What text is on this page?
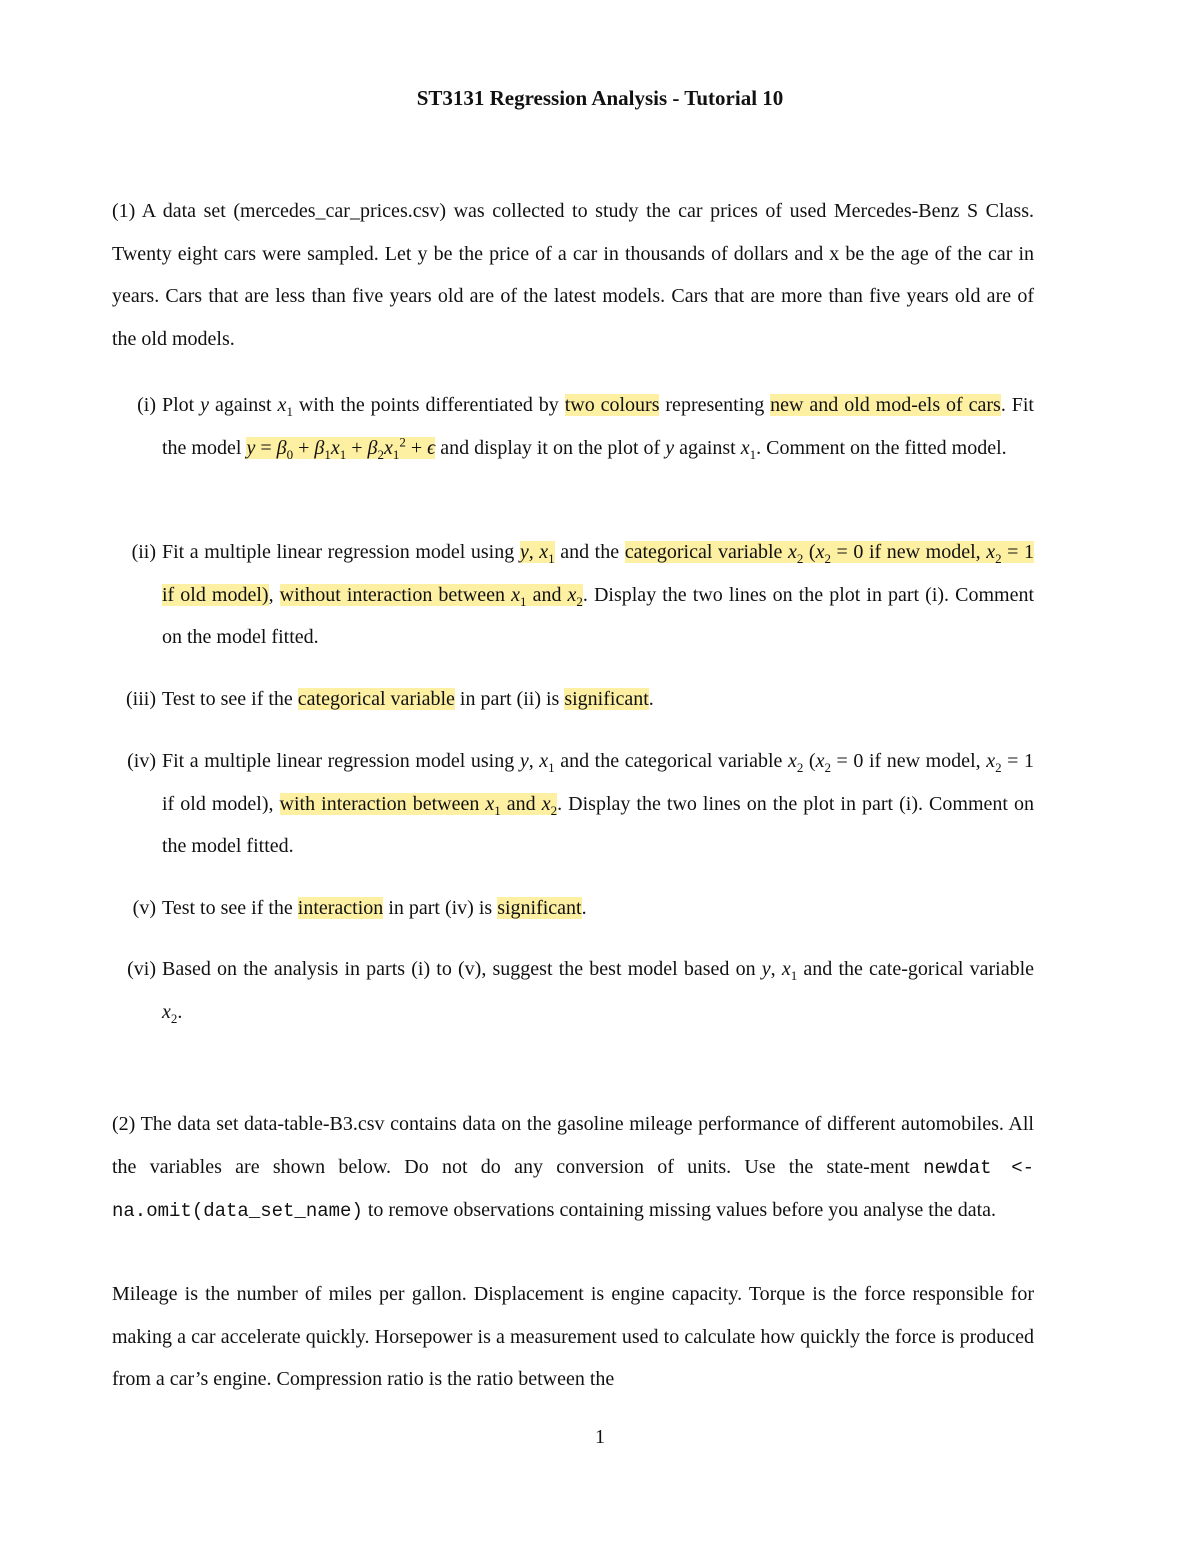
ST3131 Regression Analysis - Tutorial 10

(1) A data set (mercedes_car_prices.csv) was collected to study the car prices of used Mercedes-Benz S Class. Twenty eight cars were sampled. Let y be the price of a car in thousands of dollars and x be the age of the car in years. Cars that are less than five years old are of the latest models. Cars that are more than five years old are of the old models.

(i) Plot y against $x_1$ with the points differentiated by two colours representing new and old mod-els of cars. Fit the model $y = \beta_0 + \beta_1x_1 + \beta_2x_1^2 + \epsilon$ and display it on the plot of y against $x_1$. Comment on the fitted model.
(ii) Fit a multiple linear regression model using y, $x_1$ and the categorical variable $x_2$ ($x_2 = 0$ if new model, $x_2 = 1$ if old model), without interaction between $x_1$ and $x_2$. Display the two lines on the plot in part (i). Comment on the model fitted.
(iii) Test to see if the categorical variable in part (ii) is significant.
(iv) Fit a multiple linear regression model using y, $x_1$ and the categorical variable $x_2$ ($x_2 = 0$ if new model, $x_2 = 1$ if old model), with interaction between $x_1$ and $x_2$. Display the two lines on the plot in part (i). Comment on the model fitted.
(v) Test to see if the interaction in part (iv) is significant.
(vi) Based on the analysis in parts (i) to (v), suggest the best model based on y, $x_1$ and the cate-gorical variable $x_2$.

(2) The data set data-table-B3.csv contains data on the gasoline mileage performance of different automobiles. All the variables are shown below. Do not do any conversion of units. Use the state-ment newdat <- na.omit(data_set_name) to remove observations containing missing values before you analyse the data.

Mileage is the number of miles per gallon. Displacement is engine capacity. Torque is the force responsible for making a car accelerate quickly. Horsepower is a measurement used to calculate how quickly the force is produced from a car’s engine. Compression ratio is the ratio between the

1
